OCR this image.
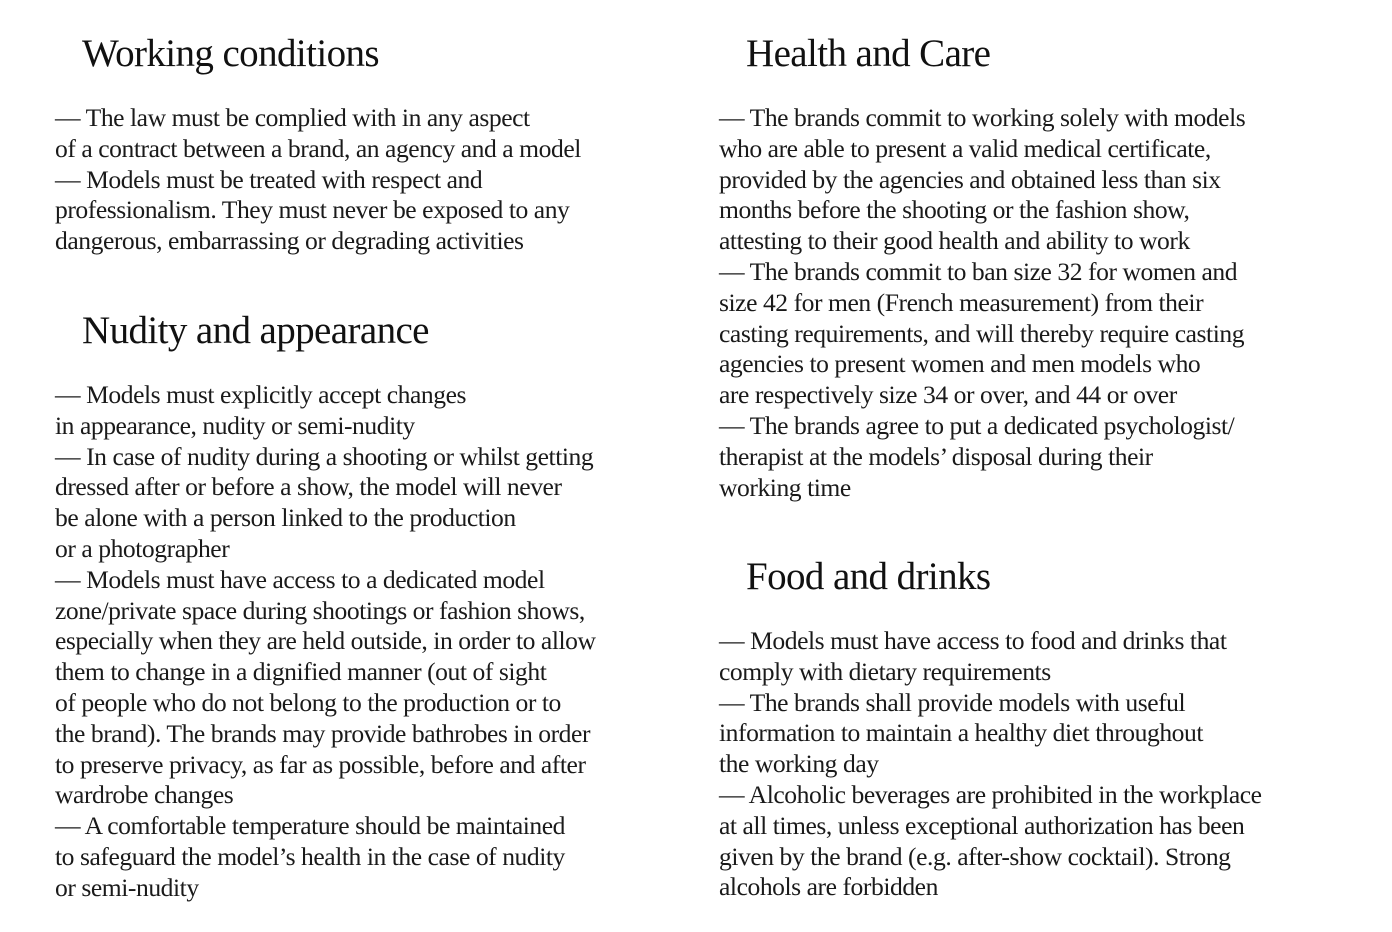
Working conditions
— The law must be complied with in any aspect
of a contract between a brand, an agency and a model
— Models must be treated with respect and
professionalism. They must never be exposed to any
dangerous, embarrassing or degrading activities
Nudity and appearance
— Models must explicitly accept changes
in appearance, nudity or semi-nudity
— In case of nudity during a shooting or whilst getting
dressed after or before a show, the model will never
be alone with a person linked to the production
or a photographer
— Models must have access to a dedicated model
zone/private space during shootings or fashion shows,
especially when they are held outside, in order to allow
them to change in a dignified manner (out of sight
of people who do not belong to the production or to
the brand). The brands may provide bathrobes in order
to preserve privacy, as far as possible, before and after
wardrobe changes
— A comfortable temperature should be maintained
to safeguard the model’s health in the case of nudity
or semi-nudity
Health and Care
— The brands commit to working solely with models
who are able to present a valid medical certificate,
provided by the agencies and obtained less than six
months before the shooting or the fashion show,
attesting to their good health and ability to work
— The brands commit to ban size 32 for women and
size 42 for men (French measurement) from their
casting requirements, and will thereby require casting
agencies to present women and men models who
are respectively size 34 or over, and 44 or over
— The brands agree to put a dedicated psychologist/
therapist at the models’ disposal during their
working time
Food and drinks
— Models must have access to food and drinks that
comply with dietary requirements
— The brands shall provide models with useful
information to maintain a healthy diet throughout
the working day
— Alcoholic beverages are prohibited in the workplace
at all times, unless exceptional authorization has been
given by the brand (e.g. after-show cocktail). Strong
alcohols are forbidden
